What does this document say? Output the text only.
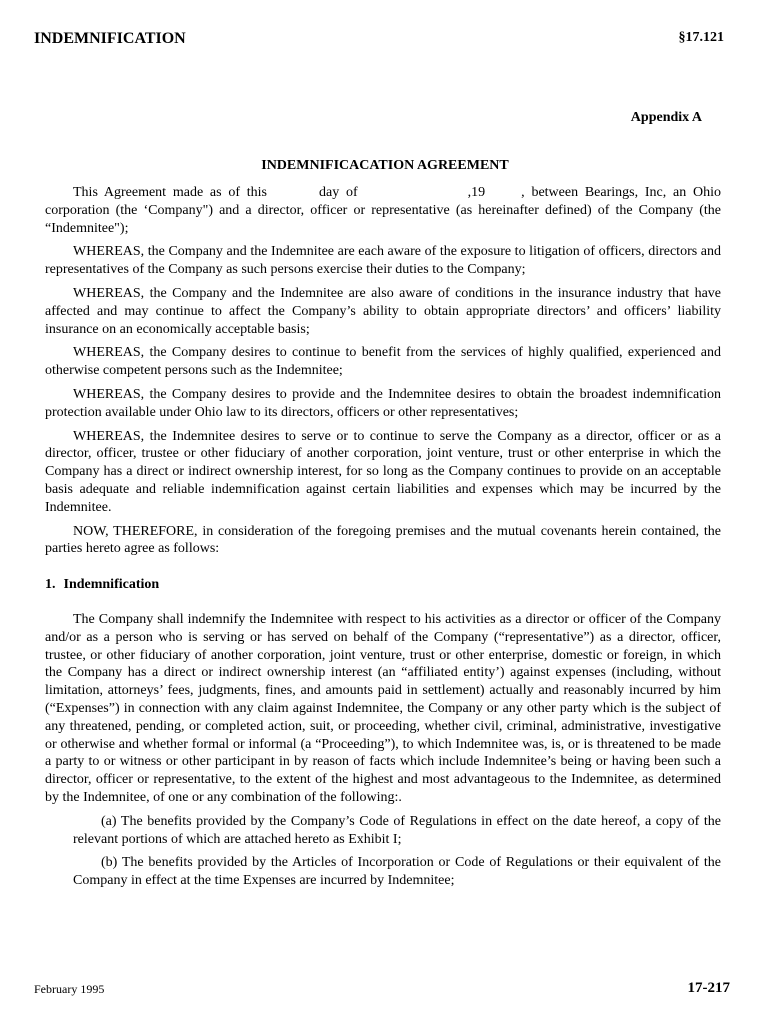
INDEMNIFICATION	§17.121
Appendix A
INDEMNIFICACATION AGREEMENT

This Agreement made as of this	day of	,19	, between Bearings, Inc, an Ohio corporation (the ‘Company") and a director, officer or representative (as hereinafter defined) of the Company (the “Indemnitee");

WHEREAS, the Company and the Indemnitee are each aware of the exposure to litigation of officers, directors and representatives of the Company as such persons exercise their duties to the Company;

WHEREAS, the Company and the Indemnitee are also aware of conditions in the insurance industry that have affected and may continue to affect the Company’s ability to obtain appropriate directors’ and officers’ liability insurance on an economically acceptable basis;

WHEREAS, the Company desires to continue to benefit from the services of highly qualified, experienced and otherwise competent persons such as the Indemnitee;

WHEREAS, the Company desires to provide and the Indemnitee desires to obtain the broadest indemnification protection available under Ohio law to its directors, officers or other representatives;

WHEREAS, the Indemnitee desires to serve or to continue to serve the Company as a director, officer or as a director, officer, trustee or other fiduciary of another corporation, joint venture, trust or other enterprise in which the Company has a direct or indirect ownership interest, for so long as the Company continues to provide on an acceptable basis adequate and reliable indemnification against certain liabilities and expenses which may be incurred by the Indemnitee.

NOW, THEREFORE, in consideration of the foregoing premises and the mutual covenants herein contained, the parties hereto agree as follows:

1. Indemnification

The Company shall indemnify the Indemnitee with respect to his activities as a director or officer of the Company and/or as a person who is serving or has served on behalf of the Company (“representative”) as a director, officer, trustee, or other fiduciary of another corporation, joint venture, trust or other enterprise, domestic or foreign, in which the Company has a direct or indirect ownership interest (an “affiliated entity’) against expenses (including, without limitation, attorneys’ fees, judgments, fines, and amounts paid in settlement) actually and reasonably incurred by him (“Expenses”) in connection with any claim against Indemnitee, the Company or any other party which is the subject of any threatened, pending, or completed action, suit, or proceeding, whether civil, criminal, administrative, investigative or otherwise and whether formal or informal (a “Proceeding”), to which Indemnitee was, is, or is threatened to be made a party to or witness or other participant in by reason of facts which include Indemnitee’s being or having been such a director, officer or representative, to the extent of the highest and most advantageous to the Indemnitee, as determined by the Indemnitee, of one or any combination of the following:.

(a) The benefits provided by the Company’s Code of Regulations in effect on the date hereof, a copy of the relevant portions of which are attached hereto as Exhibit I;

(b) The benefits provided by the Articles of Incorporation or Code of Regulations or their equivalent of the Company in effect at the time Expenses are incurred by Indemnitee;

February 1995	17-217
